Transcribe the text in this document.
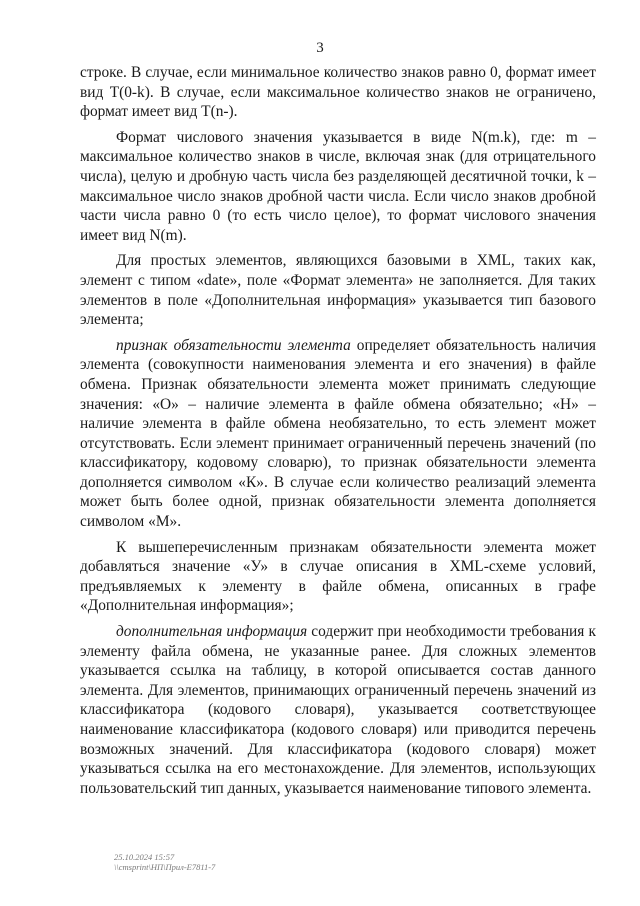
3

строке. В случае, если минимальное количество знаков равно 0, формат имеет вид T(0-k). В случае, если максимальное количество знаков не ограничено, формат имеет вид T(n-).

Формат числового значения указывается в виде N(m.k), где: m – максимальное количество знаков в числе, включая знак (для отрицательного числа), целую и дробную часть числа без разделяющей десятичной точки, k – максимальное число знаков дробной части числа. Если число знаков дробной части числа равно 0 (то есть число целое), то формат числового значения имеет вид N(m).

Для простых элементов, являющихся базовыми в XML, таких как, элемент с типом «date», поле «Формат элемента» не заполняется. Для таких элементов в поле «Дополнительная информация» указывается тип базового элемента;

признак обязательности элемента определяет обязательность наличия элемента (совокупности наименования элемента и его значения) в файле обмена. Признак обязательности элемента может принимать следующие значения: «О» – наличие элемента в файле обмена обязательно; «Н» – наличие элемента в файле обмена необязательно, то есть элемент может отсутствовать. Если элемент принимает ограниченный перечень значений (по классификатору, кодовому словарю), то признак обязательности элемента дополняется символом «К». В случае если количество реализаций элемента может быть более одной, признак обязательности элемента дополняется символом «М».

К вышеперечисленным признакам обязательности элемента может добавляться значение «У» в случае описания в XML-схеме условий, предъявляемых к элементу в файле обмена, описанных в графе «Дополнительная информация»;

дополнительная информация содержит при необходимости требования к элементу файла обмена, не указанные ранее. Для сложных элементов указывается ссылка на таблицу, в которой описывается состав данного элемента. Для элементов, принимающих ограниченный перечень значений из классификатора (кодового словаря), указывается соответствующее наименование классификатора (кодового словаря) или приводится перечень возможных значений. Для классификатора (кодового словаря) может указываться ссылка на его местонахождение. Для элементов, использующих пользовательский тип данных, указывается наименование типового элемента.

25.10.2024 15:57
\\cmsprint\НП\Прил-Е7811-7
